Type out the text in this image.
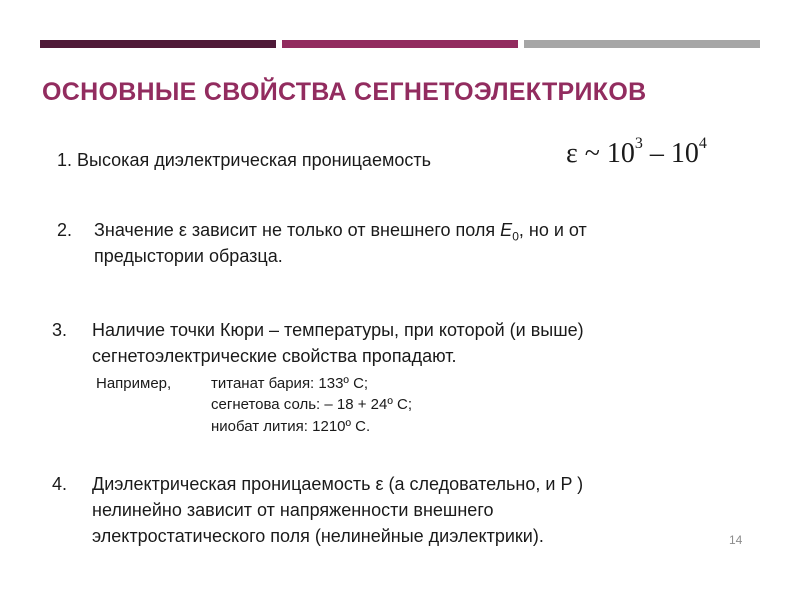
ОСНОВНЫЕ СВОЙСТВА СЕГНЕТОЭЛЕКТРИКОВ
1. Высокая диэлектрическая проницаемость	ε ~ $10^3 - 10^4$
2. Значение ε зависит не только от внешнего поля $E_0$, но и от
предыстории образца.
3. Наличие точки Кюри – температуры, при которой (и выше)
сегнетоэлектрические свойства пропадают.
Например,	титанат бария: 133º С;
сегнетова соль: – 18 + 24º С;
ниобат лития: 1210º С.
4. Диэлектрическая проницаемость ε (а следовательно, и P )
нелинейно зависит от напряженности внешнего
электростатического поля (нелинейные диэлектрики).	14
